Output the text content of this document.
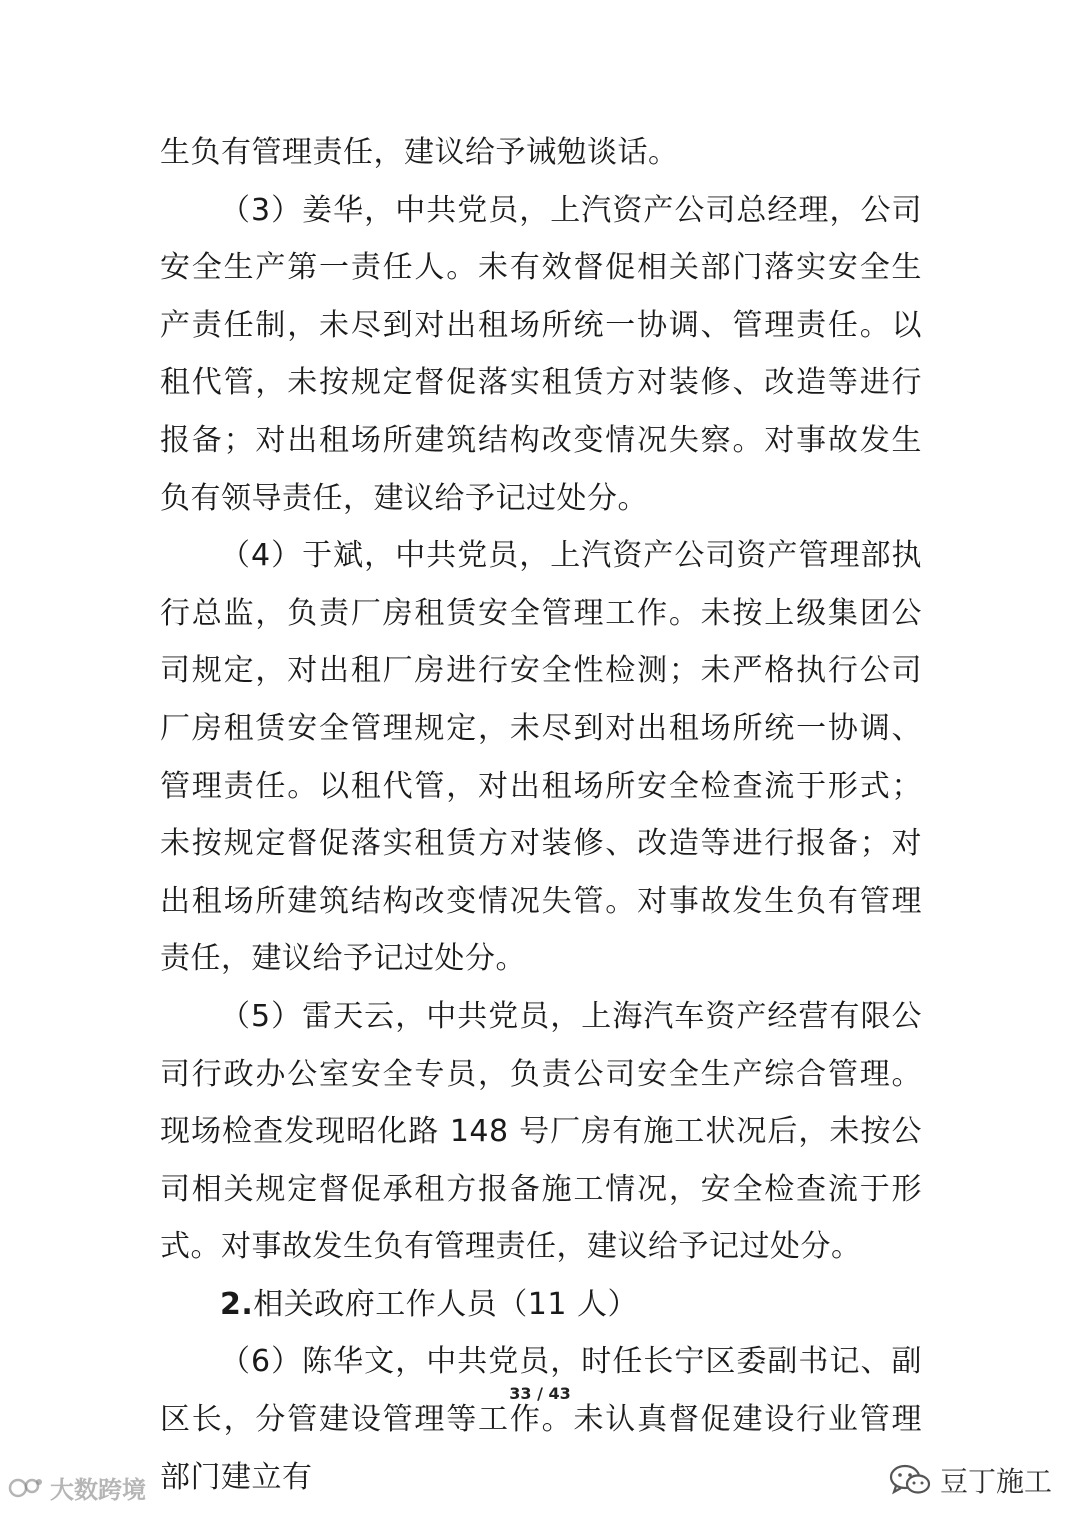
生负有管理责任，建议给予诫勉谈话。

（3）姜华，中共党员，上汽资产公司总经理，公司安全生产第一责任人。未有效督促相关部门落实安全生产责任制，未尽到对出租场所统一协调、管理责任。以租代管，未按规定督促落实租赁方对装修、改造等进行报备；对出租场所建筑结构改变情况失察。对事故发生负有领导责任，建议给予记过处分。

（4）于斌，中共党员，上汽资产公司资产管理部执行总监，负责厂房租赁安全管理工作。未按上级集团公司规定，对出租厂房进行安全性检测；未严格执行公司厂房租赁安全管理规定，未尽到对出租场所统一协调、管理责任。以租代管，对出租场所安全检查流于形式；未按规定督促落实租赁方对装修、改造等进行报备；对出租场所建筑结构改变情况失管。对事故发生负有管理责任，建议给予记过处分。

（5）雷天云，中共党员，上海汽车资产经营有限公司行政办公室安全专员，负责公司安全生产综合管理。现场检查发现昭化路 148 号厂房有施工状况后，未按公司相关规定督促承租方报备施工情况，安全检查流于形式。对事故发生负有管理责任，建议给予记过处分。

2.相关政府工作人员（11 人）

（6）陈华文，中共党员，时任长宁区委副书记、副区长，分管建设管理等工作。未认真督促建设行业管理部门建立有

33 / 43
大数跨境	豆丁施工
